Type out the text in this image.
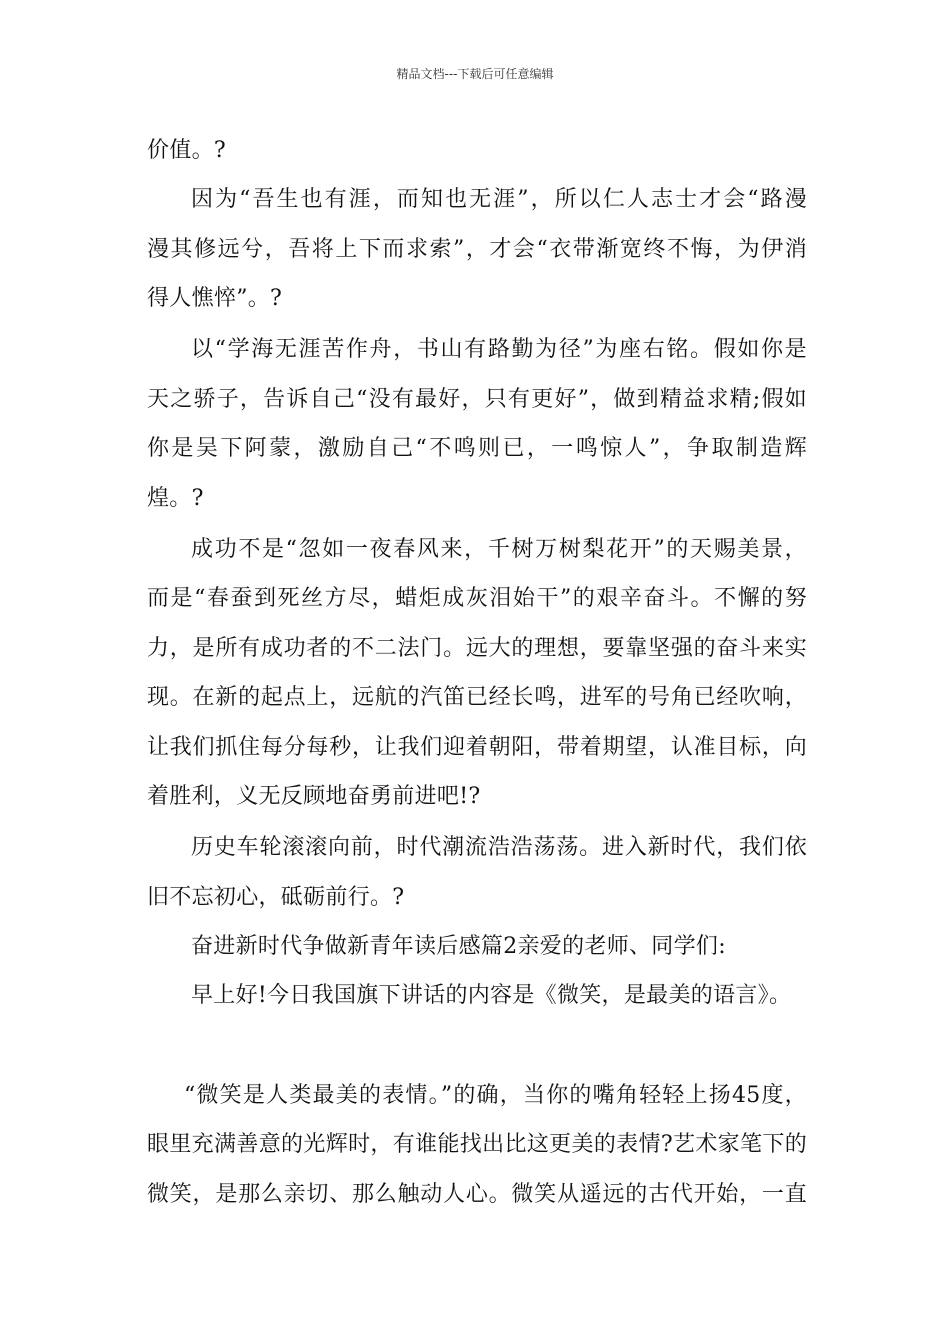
精品文档---下载后可任意编辑
价值。?
因为“吾生也有涯，而知也无涯”，所以仁人志士才会“路漫
漫其修远兮，吾将上下而求索”，才会“衣带渐宽终不悔，为伊消
得人憔悴”。?
以“学海无涯苦作舟，书山有路勤为径”为座右铭。假如你是
天之骄子，告诉自己“没有最好，只有更好”，做到精益求精;假如
你是吴下阿蒙，激励自己“不鸣则已，一鸣惊人”，争取制造辉
煌。?
成功不是“忽如一夜春风来，千树万树梨花开”的天赐美景，
而是“春蚕到死丝方尽，蜡炬成灰泪始干”的艰辛奋斗。不懈的努
力，是所有成功者的不二法门。远大的理想，要靠坚强的奋斗来实
现。在新的起点上，远航的汽笛已经长鸣，进军的号角已经吹响，
让我们抓住每分每秒，让我们迎着朝阳，带着期望，认准目标，向
着胜利，义无反顾地奋勇前进吧!?
历史车轮滚滚向前，时代潮流浩浩荡荡。进入新时代，我们依
旧不忘初心，砥砺前行。?
奋进新时代争做新青年读后感篇2亲爱的老师、同学们:
早上好!今日我国旗下讲话的内容是《微笑，是最美的语言》。
“微笑是人类最美的表情。”的确，当你的嘴角轻轻上扬45度，
眼里充满善意的光辉时，有谁能找出比这更美的表情?艺术家笔下的
微笑，是那么亲切、那么触动人心。微笑从遥远的古代开始，一直
